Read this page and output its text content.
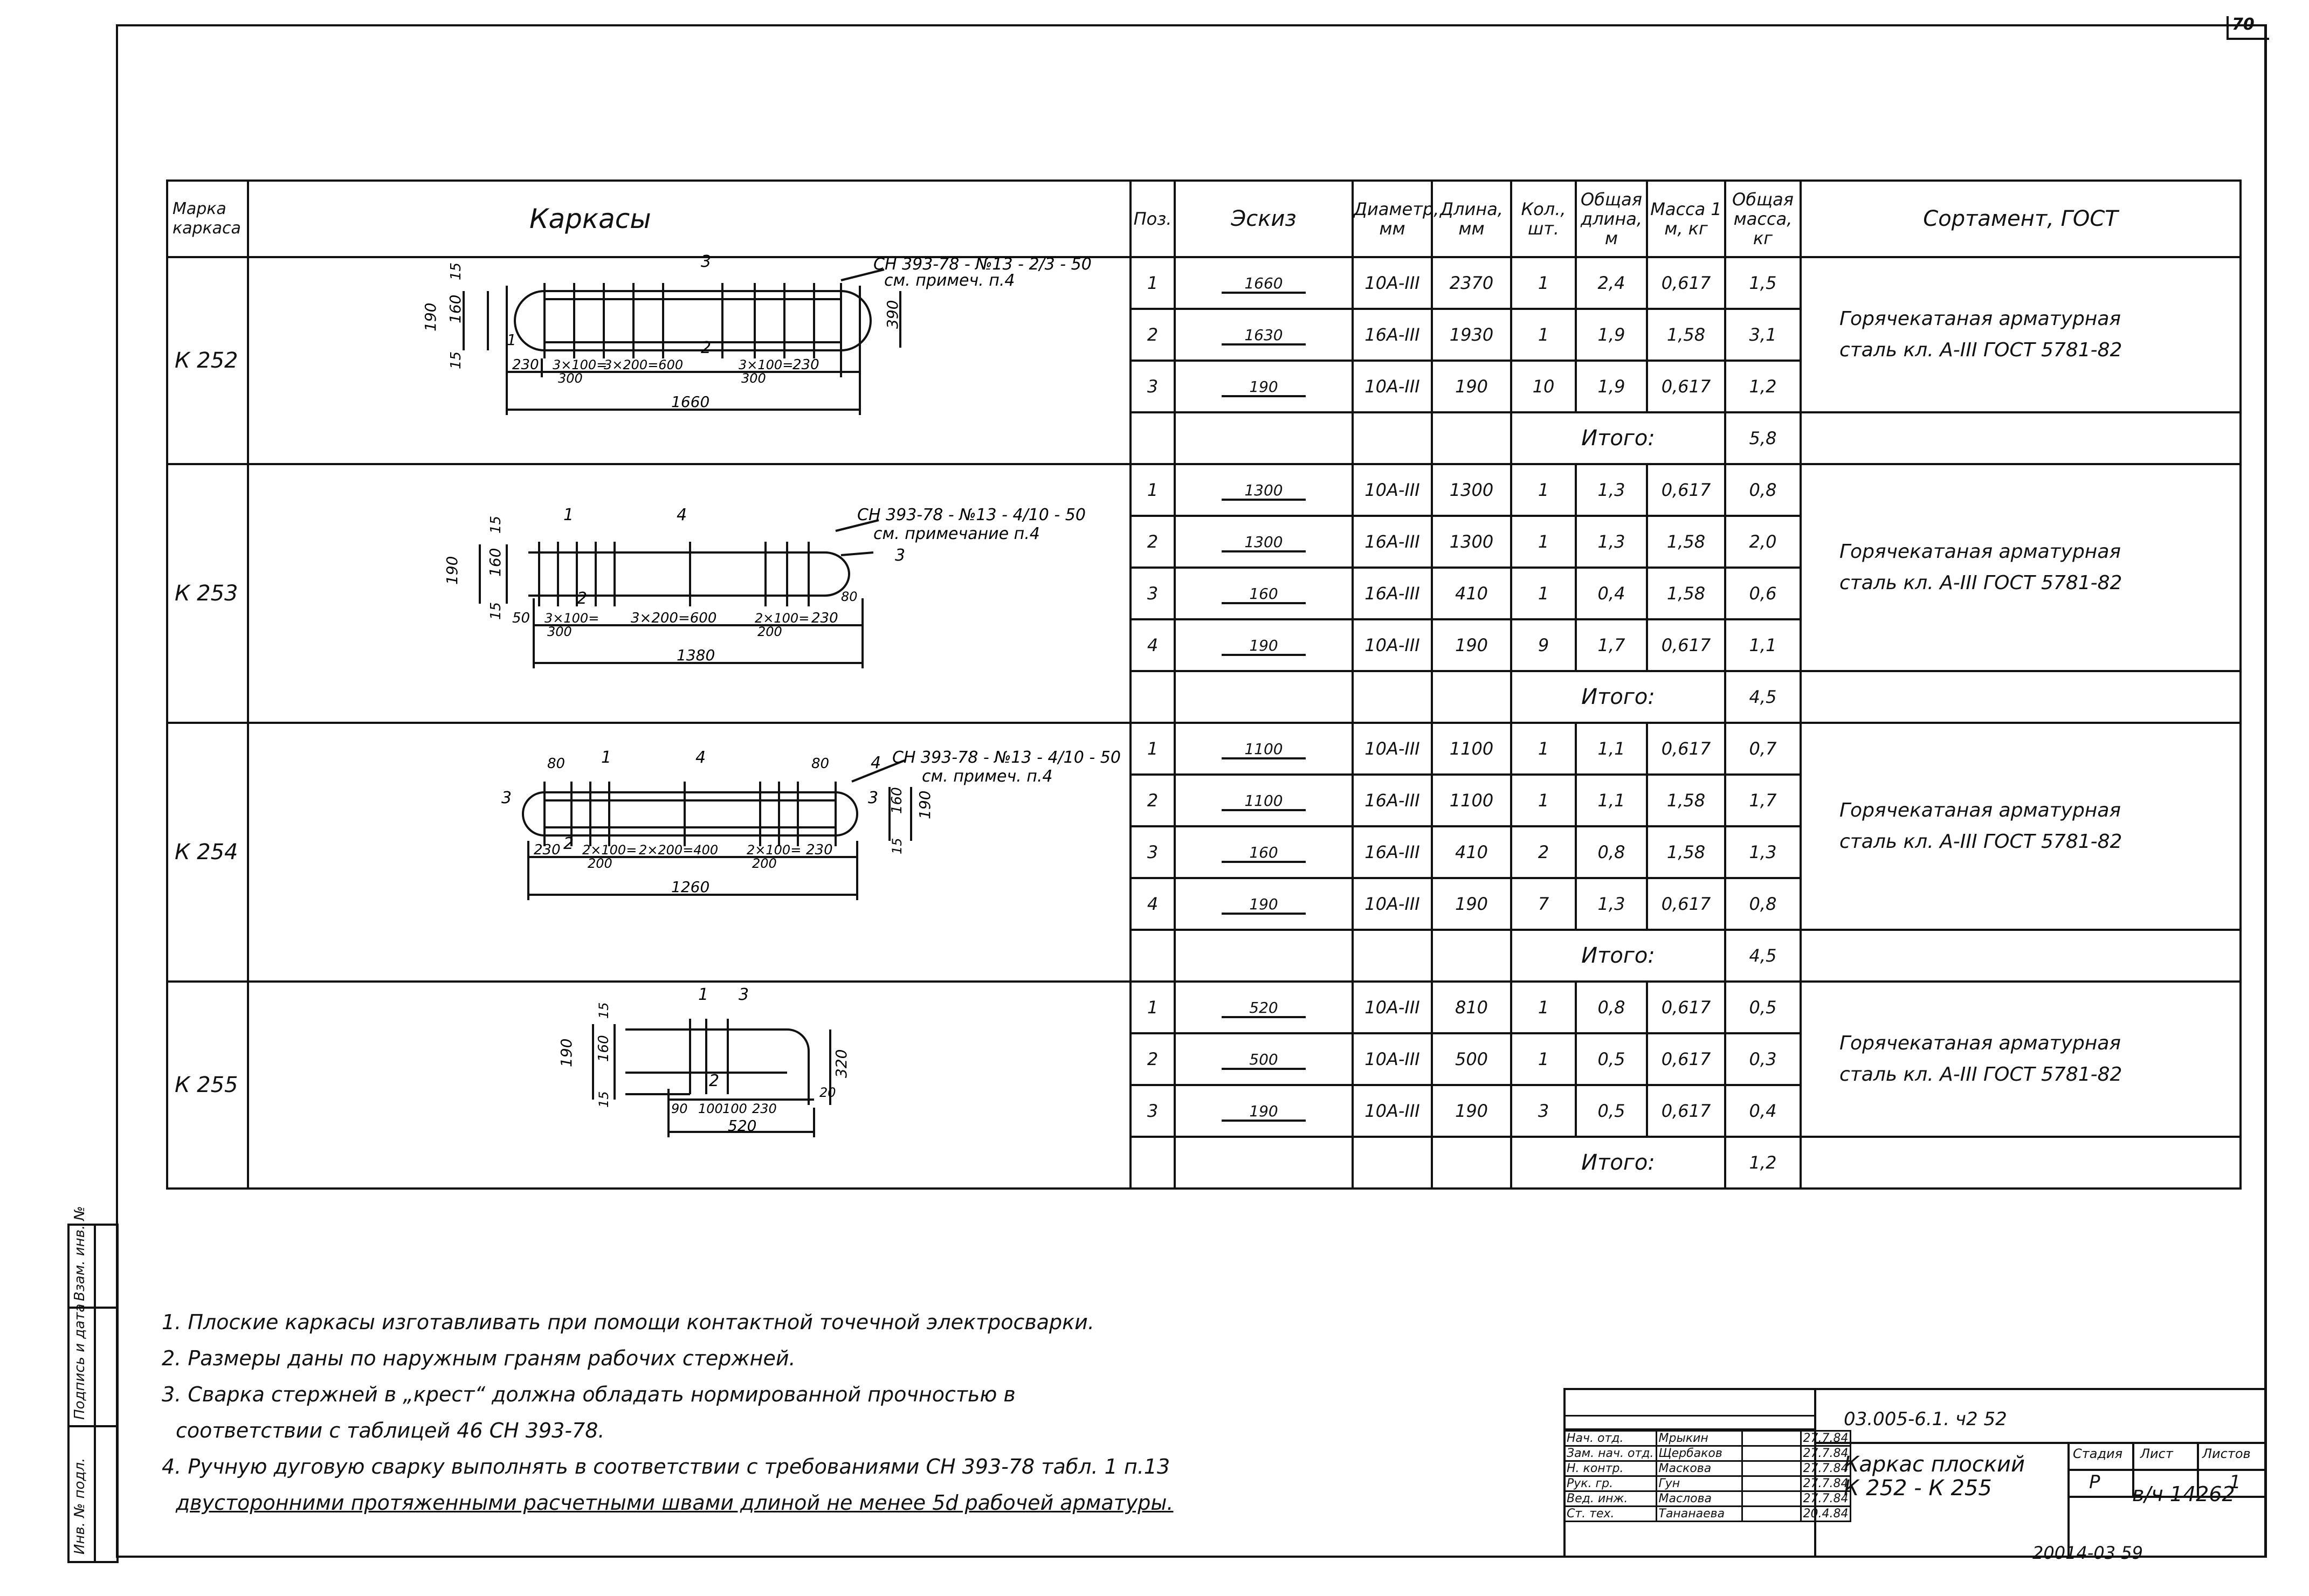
70
Марка каркаса	Каркасы	Поз.	Эскиз	Диаметр, мм	Длина, мм	Кол., шт.	Общая длина, м	Масса 1 м, кг	Общая масса, кг	Сортамент, ГОСТ
К 252		1	1660	10A-III	2370	1	2,4	0,617	1,5	Горячекатаная арматурная
сталь кл. A-III ГОСТ 5781-82

		2	1630	16A-III	1930	1	1,9	1,58	3,1	
		3	190	10A-III	190	10	1,9	0,617	1,2	
						Итого:			5,8	
К 253		1	1300	10A-III	1300	1	1,3	0,617	0,8	Горячекатаная арматурная
сталь кл. A-III ГОСТ 5781-82

		2	1300	16A-III	1300	1	1,3	1,58	2,0	
		3	160	16A-III	410	1	0,4	1,58	0,6	
		4	190	10A-III	190	9	1,7	0,617	1,1	
						Итого:			4,5	
К 254		1	1100	10A-III	1100	1	1,1	0,617	0,7	Горячекатаная арматурная
сталь кл. A-III ГОСТ 5781-82

		2	1100	16A-III	1100	1	1,1	1,58	1,7	
		3	160	16A-III	410	2	0,8	1,58	1,3	
		4	190	10A-III	190	7	1,3	0,617	0,8	
						Итого:			4,5	
К 255		1	520	10A-III	810	1	0,8	0,617	0,5	Горячекатаная арматурная
сталь кл. A-III ГОСТ 5781-82

		2	500	10A-III	500	1	0,5	0,617	0,3	
		3	190	10A-III	190	3	0,5	0,617	0,4	
						Итого:			1,2	
190 160
15
15
390
3
2
1
СН 393-78 - №13 - 2/3 - 50
см. примеч. п.4
230 3×100=
300
3×200=600	3×100=
300
230
1660
190 160
15
15
80
1	4
2
3
СН 393-78 - №13 - 4/10 - 50
см. примечание п.4
50 3×100=
300
3×200=600	2×100=
200
230
1380
80	80
1	4
3
4
3
2
СН 393-78 - №13 - 4/10 - 50
см. примеч. п.4
160 190
15
230 2×100=
200
2×200=400 2×100=
200
230
1260
190 160
15
15
320
20
1 3
2
90 100 100 230
520
1. Плоские каркасы изготавливать при помощи контактной точечной электросварки.
2. Размеры даны по наружным граням рабочих стержней.
3. Сварка стержней в „крест“ должна обладать нормированной прочностью в
соответствии с таблицей 46 СН 393-78.
4. Ручную дуговую сварку выполнять в соответствии с требованиями СН 393-78 табл. 1 п.13
двусторонними протяженными расчетными швами длиной не менее 5d рабочей арматуры.
Взам. инв. №
Подпись и дата
Инв. № подл.
Нач. отд.	Мрыкин		27.7.84
Зам. нач. отд.	Щербаков		27.7.84
Н. контр.	Маскова		27.7.84
Рук. гр.	Гун		27.7.84
Вед. инж.	Маслова		27.7.84
Ст. тех.	Тананаева		20.4.84
03.005-6.1. ч2 52
Каркас плоский
К 252 - К 255
Стадия Лист Листов
Р	1
в/ч 14262
20014-03 59
